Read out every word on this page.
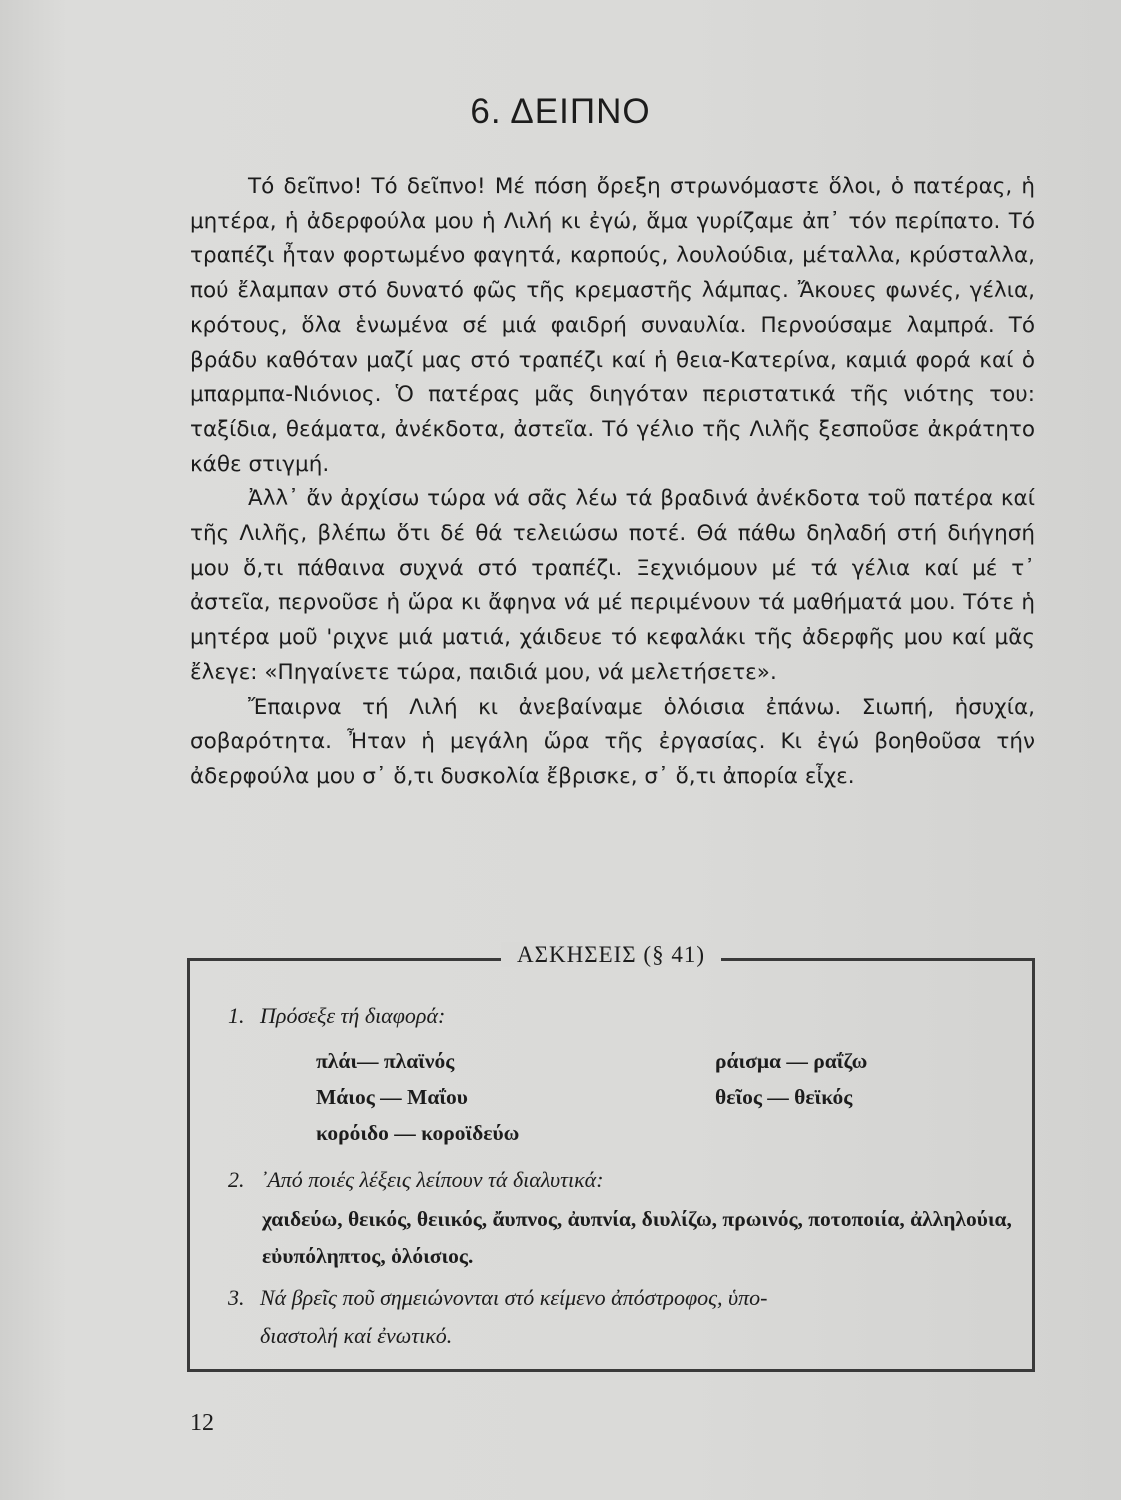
6. ΔΕΙΠΝΟ

Τό δεῖπνο! Τό δεῖπνο! Μέ πόση ὄρεξη στρωνόμαστε ὅλοι, ὁ πατέρας, ἡ μητέρα, ἡ ἀδερφούλα μου ἡ Λιλή κι ἐγώ, ἅμα γυρίζαμε ἀπ᾽ τόν περίπατο. Τό τραπέζι ἦταν φορτωμένο φαγητά, καρπούς, λουλούδια, μέταλλα, κρύσταλλα, πού ἔλαμπαν στό δυνατό φῶς τῆς κρεμαστῆς λάμπας. Ἄκουες φωνές, γέλια, κρότους, ὅλα ἑνωμένα σέ μιά φαιδρή συναυλία. Περνούσαμε λαμπρά. Τό βράδυ καθόταν μαζί μας στό τραπέζι καί ἡ θεια-Κατερίνα, καμιά φορά καί ὁ μπαρμπα-Νιόνιος. Ὁ πατέρας μᾶς διηγόταν περιστατικά τῆς νιότης του: ταξίδια, θεάματα, ἀνέκδοτα, ἀστεῖα. Τό γέλιο τῆς Λιλῆς ξεσποῦσε ἀκράτητο κάθε στιγμή.

Ἀλλ᾽ ἄν ἀρχίσω τώρα νά σᾶς λέω τά βραδινά ἀνέκδοτα τοῦ πατέρα καί τῆς Λιλῆς, βλέπω ὅτι δέ θά τελειώσω ποτέ. Θά πάθω δηλαδή στή διήγησή μου ὅ,τι πάθαινα συχνά στό τραπέζι. Ξεχνιόμουν μέ τά γέλια καί μέ τ᾽ ἀστεῖα, περνοῦσε ἡ ὥρα κι ἄφηνα νά μέ περιμένουν τά μαθήματά μου. Τότε ἡ μητέρα μοῦ 'ριχνε μιά ματιά, χάιδευε τό κεφαλάκι τῆς ἀδερφῆς μου καί μᾶς ἔλεγε: «Πηγαίνετε τώρα, παιδιά μου, νά μελετήσετε».

Ἔπαιρνα τή Λιλή κι ἀνεβαίναμε ὁλόισια ἐπάνω. Σιωπή, ἡσυχία, σοβαρότητα. Ἦταν ἡ μεγάλη ὥρα τῆς ἐργασίας. Κι ἐγώ βοηθοῦσα τήν ἀδερφούλα μου σ᾽ ὅ,τι δυσκολία ἔβρισκε, σ᾽ ὅ,τι ἀπορία εἶχε.

ΑΣΚΗΣΕΙΣ (§ 41)
1. Πρόσεξε τή διαφορά:
πλάι— πλαϊνός
Μάιος — Μαΐου
κορόιδο — κοροϊδεύω
ράισμα — ραΐζω
θεῖος — θεϊκός
2. ᾽Από ποιές λέξεις λείπουν τά διαλυτικά:
χαιδεύω, θεικός, θειικός, ἄυπνος, ἀυπνία, διυλίζω, πρωινός, ποτοποιία, ἀλληλούια, εὐυπόληπτος, ὁλόισιος.
3. Νά βρεῖς ποῦ σημειώνονται στό κείμενο ἀπόστροφος, ὑπο-
διαστολή καί ἐνωτικό.
12
